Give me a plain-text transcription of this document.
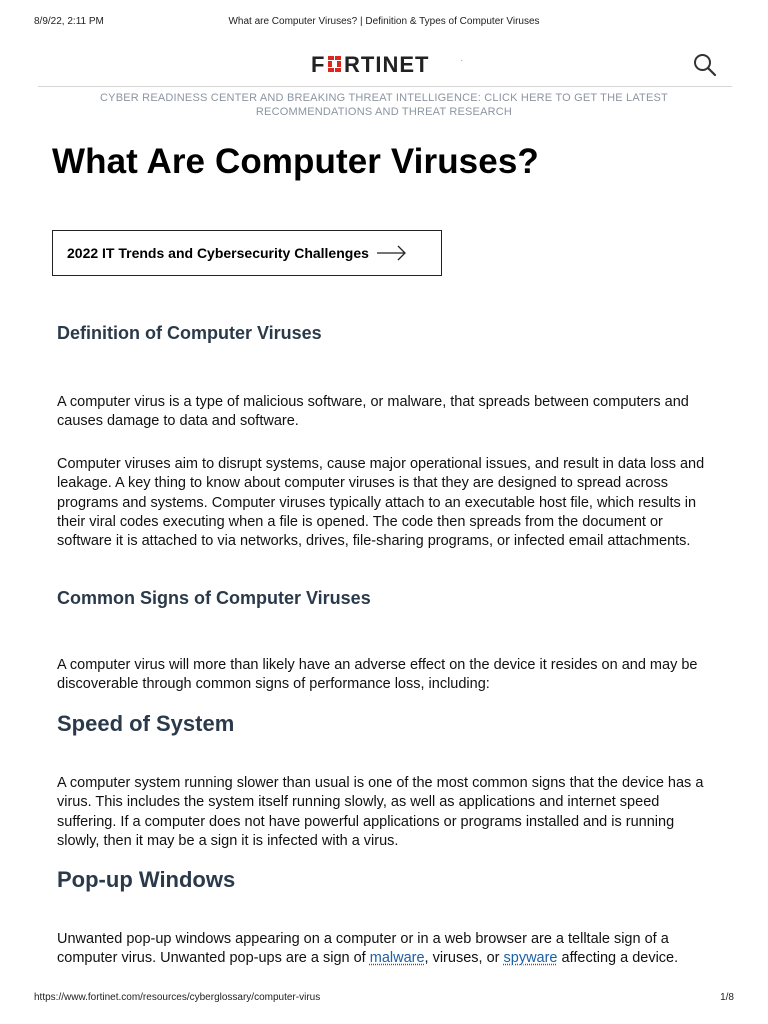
8/9/22, 2:11 PM	What are Computer Viruses? | Definition & Types of Computer Viruses
F RTINET	.
CYBER READINESS CENTER AND BREAKING THREAT INTELLIGENCE: CLICK HERE TO GET THE LATEST RECOMMENDATIONS AND THREAT RESEARCH
What Are Computer Viruses?
2022 IT Trends and Cybersecurity Challenges
Definition of Computer Viruses

A computer virus is a type of malicious software, or malware, that spreads between computers and causes damage to data and software.

Computer viruses aim to disrupt systems, cause major operational issues, and result in data loss and leakage. A key thing to know about computer viruses is that they are designed to spread across programs and systems. Computer viruses typically attach to an executable host file, which results in their viral codes executing when a file is opened. The code then spreads from the document or software it is attached to via networks, drives, file-sharing programs, or infected email attachments.

Common Signs of Computer Viruses

A computer virus will more than likely have an adverse effect on the device it resides on and may be discoverable through common signs of performance loss, including:

Speed of System

A computer system running slower than usual is one of the most common signs that the device has a virus. This includes the system itself running slowly, as well as applications and internet speed suffering. If a computer does not have powerful applications or programs installed and is running slowly, then it may be a sign it is infected with a virus.

Pop-up Windows

Unwanted pop-up windows appearing on a computer or in a web browser are a telltale sign of a computer virus. Unwanted pop-ups are a sign of malware, viruses, or spyware affecting a device.

https://www.fortinet.com/resources/cyberglossary/computer-virus	1/8
